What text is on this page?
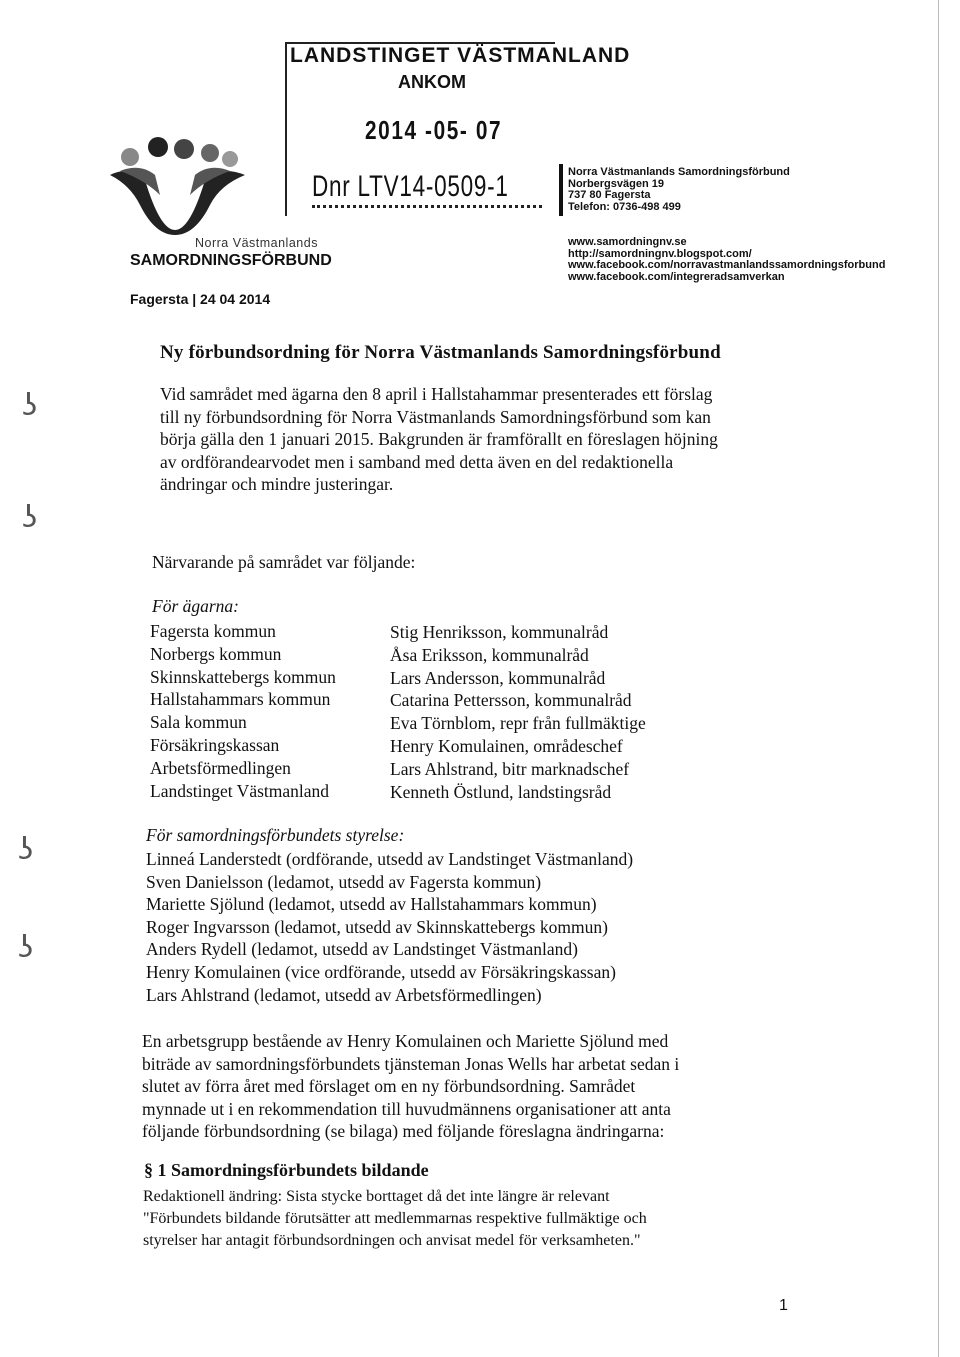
LANDSTINGET VÄSTMANLAND
ANKOM
2014 -05- 07
Dnr LTV14-0509-1
Norra Västmanlands
SAMORDNINGSFÖRBUND
Fagersta | 24 04 2014
Norra Västmanlands Samordningsförbund
Norbergsvägen 19
737 80 Fagersta
Telefon: 0736-498 499
www.samordningnv.se
http://samordningnv.blogspot.com/
www.facebook.com/norravastmanlandssamordningsforbund
www.facebook.com/integreradsamverkan
Ny förbundsordning för Norra Västmanlands Samordningsförbund
Vid samrådet med ägarna den 8 april i Hallstahammar presenterades ett förslag
till ny förbundsordning för Norra Västmanlands Samordningsförbund som kan
börja gälla den 1 januari 2015. Bakgrunden är framförallt en föreslagen höjning
av ordförandearvodet men i samband med detta även en del redaktionella
ändringar och mindre justeringar.
Närvarande på samrådet var följande:
För ägarna:
Fagersta kommun
Norbergs kommun
Skinnskattebergs kommun
Hallstahammars kommun
Sala kommun
Försäkringskassan
Arbetsförmedlingen
Landstinget Västmanland
Stig Henriksson, kommunalråd
Åsa Eriksson, kommunalråd
Lars Andersson, kommunalråd
Catarina Pettersson, kommunalråd
Eva Törnblom, repr från fullmäktige
Henry Komulainen, områdeschef
Lars Ahlstrand, bitr marknadschef
Kenneth Östlund, landstingsråd
För samordningsförbundets styrelse:
Linneá Landerstedt (ordförande, utsedd av Landstinget Västmanland)
Sven Danielsson (ledamot, utsedd av Fagersta kommun)
Mariette Sjölund (ledamot, utsedd av Hallstahammars kommun)
Roger Ingvarsson (ledamot, utsedd av Skinnskattebergs kommun)
Anders Rydell (ledamot, utsedd av Landstinget Västmanland)
Henry Komulainen (vice ordförande, utsedd av Försäkringskassan)
Lars Ahlstrand (ledamot, utsedd av Arbetsförmedlingen)
En arbetsgrupp bestående av Henry Komulainen och Mariette Sjölund med
biträde av samordningsförbundets tjänsteman Jonas Wells har arbetat sedan i
slutet av förra året med förslaget om en ny förbundsordning. Samrådet
mynnade ut i en rekommendation till huvudmännens organisationer att anta
följande förbundsordning (se bilaga) med följande föreslagna ändringarna:
§ 1 Samordningsförbundets bildande
Redaktionell ändring: Sista stycke borttaget då det inte längre är relevant
"Förbundets bildande förutsätter att medlemmarnas respektive fullmäktige och
styrelser har antagit förbundsordningen och anvisat medel för verksamheten."
1
ʖ
ʖ
ʖ
ʖ
